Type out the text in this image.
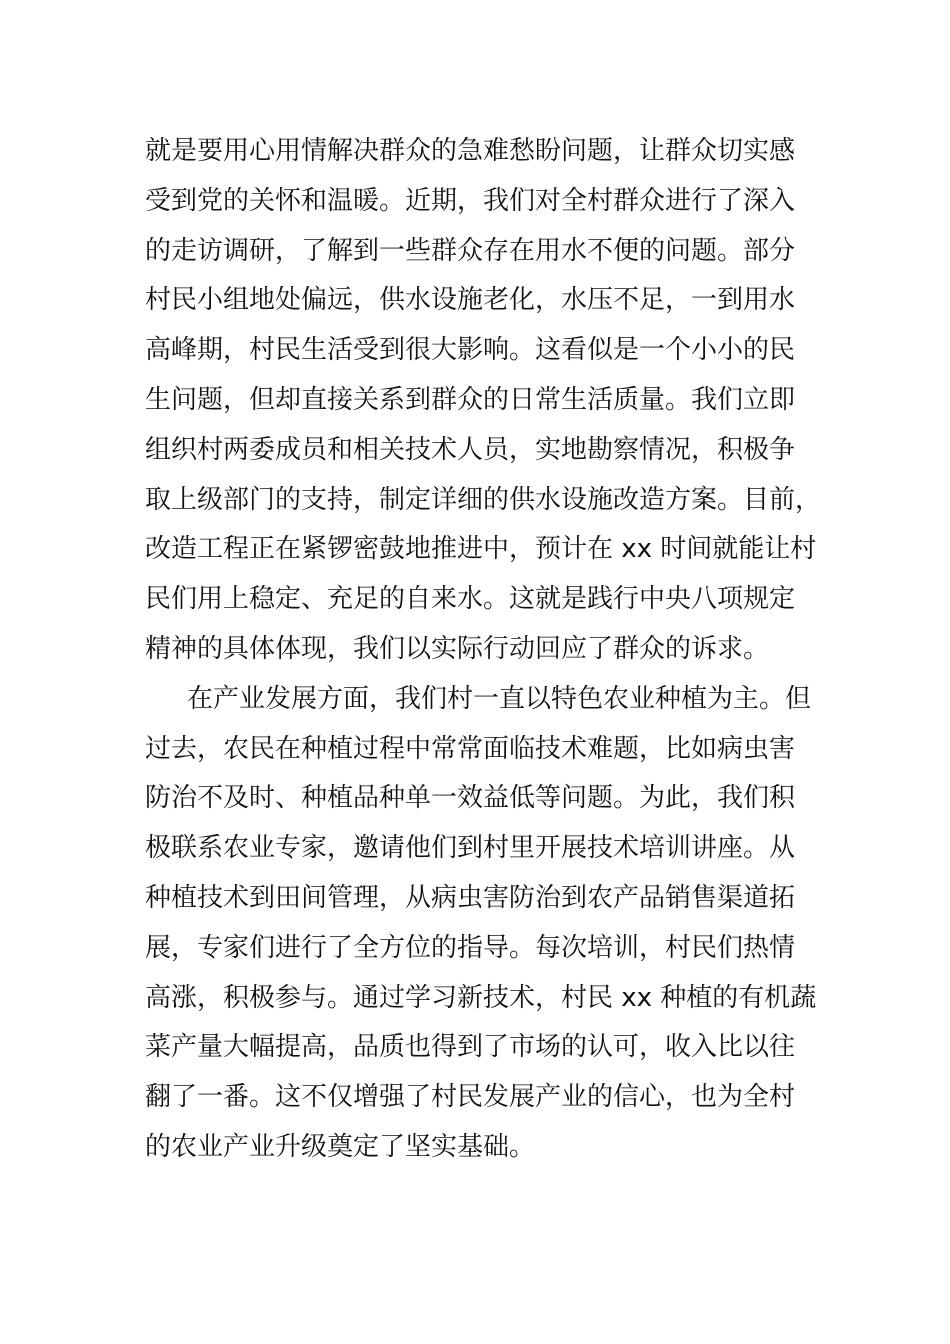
就是要用心用情解决群众的急难愁盼问题，让群众切实感
受到党的关怀和温暖。近期，我们对全村群众进行了深入
的走访调研，了解到一些群众存在用水不便的问题。部分
村民小组地处偏远，供水设施老化，水压不足，一到用水
高峰期，村民生活受到很大影响。这看似是一个小小的民
生问题，但却直接关系到群众的日常生活质量。我们立即
组织村两委成员和相关技术人员，实地勘察情况，积极争
取上级部门的支持，制定详细的供水设施改造方案。目前，
改造工程正在紧锣密鼓地推进中，预计在 xx 时间就能让村
民们用上稳定、充足的自来水。这就是践行中央八项规定
精神的具体体现，我们以实际行动回应了群众的诉求。
在产业发展方面，我们村一直以特色农业种植为主。但
过去，农民在种植过程中常常面临技术难题，比如病虫害
防治不及时、种植品种单一效益低等问题。为此，我们积
极联系农业专家，邀请他们到村里开展技术培训讲座。从
种植技术到田间管理，从病虫害防治到农产品销售渠道拓
展，专家们进行了全方位的指导。每次培训，村民们热情
高涨，积极参与。通过学习新技术，村民 xx 种植的有机蔬
菜产量大幅提高，品质也得到了市场的认可，收入比以往
翻了一番。这不仅增强了村民发展产业的信心，也为全村
的农业产业升级奠定了坚实基础。
